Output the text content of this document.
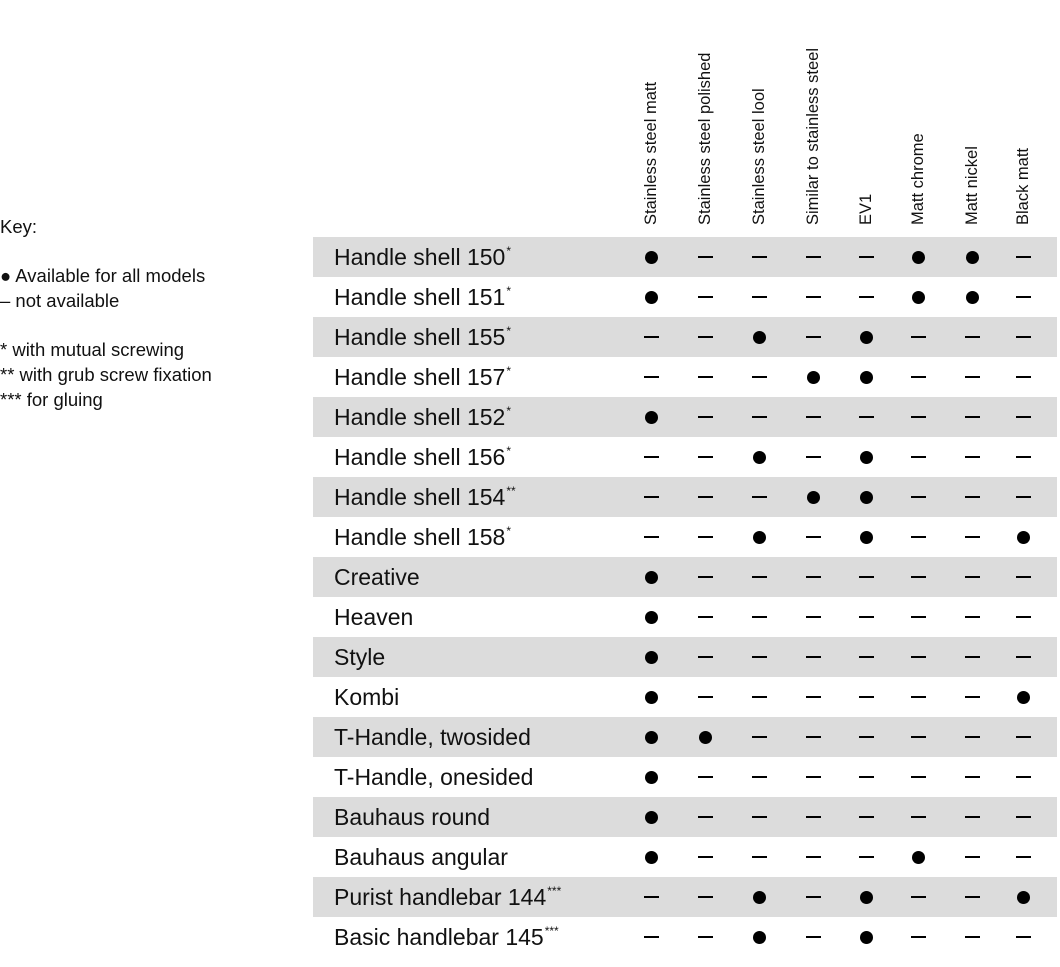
Key:
● Available for all models
– not available
* with mutual screwing
** with grub screw fixation
*** for gluing
Stainless steel matt Stainless steel polished Stainless steel lool Similar to stainless steel EV1 Matt chrome Matt nickel Black matt
Handle shell 150*
Handle shell 151*
Handle shell 155*
Handle shell 157*
Handle shell 152*
Handle shell 156*
Handle shell 154**
Handle shell 158*
Creative
Heaven
Style
Kombi
T-Handle, twosided
T-Handle, onesided
Bauhaus round
Bauhaus angular
Purist handlebar 144***
Basic handlebar 145***
